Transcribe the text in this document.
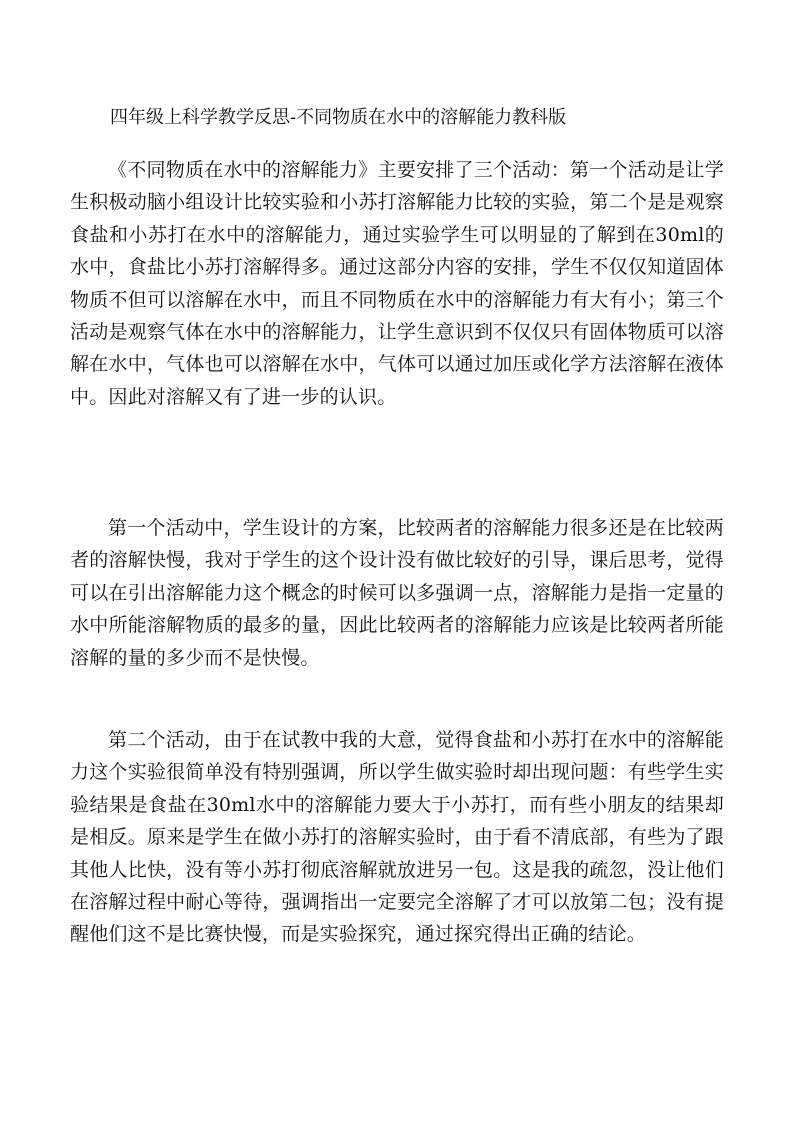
四年级上科学教学反思-不同物质在水中的溶解能力教科版

《不同物质在水中的溶解能力》主要安排了三个活动：第一个活动是让学生积极动脑小组设计比较实验和小苏打溶解能力比较的实验，第二个是是观察食盐和小苏打在水中的溶解能力，通过实验学生可以明显的了解到在30ml的水中，食盐比小苏打溶解得多。通过这部分内容的安排，学生不仅仅知道固体物质不但可以溶解在水中，而且不同物质在水中的溶解能力有大有小；第三个活动是观察气体在水中的溶解能力，让学生意识到不仅仅只有固体物质可以溶解在水中，气体也可以溶解在水中，气体可以通过加压或化学方法溶解在液体中。因此对溶解又有了进一步的认识。

第一个活动中，学生设计的方案，比较两者的溶解能力很多还是在比较两者的溶解快慢，我对于学生的这个设计没有做比较好的引导，课后思考，觉得可以在引出溶解能力这个概念的时候可以多强调一点，溶解能力是指一定量的水中所能溶解物质的最多的量，因此比较两者的溶解能力应该是比较两者所能溶解的量的多少而不是快慢。

第二个活动，由于在试教中我的大意，觉得食盐和小苏打在水中的溶解能力这个实验很简单没有特别强调，所以学生做实验时却出现问题：有些学生实验结果是食盐在30ml水中的溶解能力要大于小苏打，而有些小朋友的结果却是相反。原来是学生在做小苏打的溶解实验时，由于看不清底部，有些为了跟其他人比快，没有等小苏打彻底溶解就放进另一包。这是我的疏忽，没让他们在溶解过程中耐心等待，强调指出一定要完全溶解了才可以放第二包；没有提醒他们这不是比赛快慢，而是实验探究，通过探究得出正确的结论。
